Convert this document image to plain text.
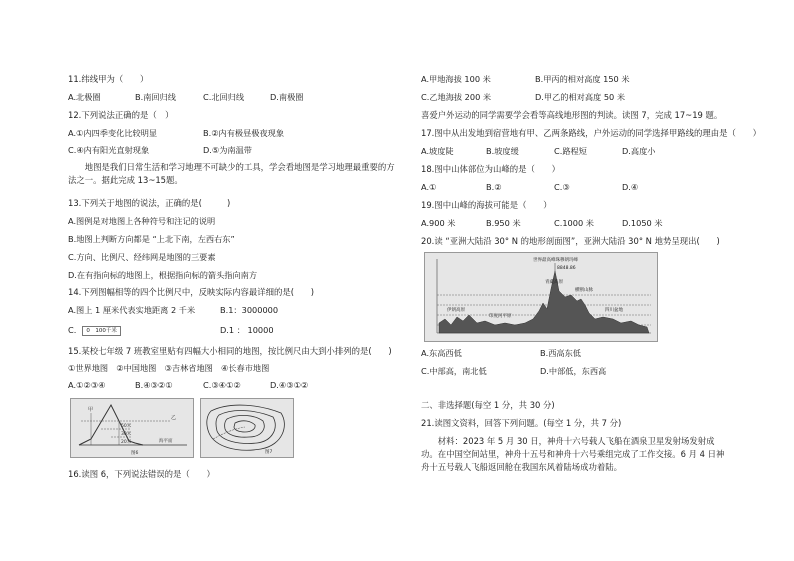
11.纬线甲为（　　）
A.北极圈	B.南回归线	C.北回归线	D.南极圈
12.下列说法正确的是（　）
A.①内四季变化比较明显	B.②内有极昼极夜现象
C.④内有阳光直射现象	D.⑤为南温带
地图是我们日常生活和学习地理不可缺少的工具，学会看地图是学习地理最重要的方法之一。据此完成 13~15题。
13.下列关于地图的说法，正确的是(　　　)
A.图例是对地图上各种符号和注记的说明
B.地图上判断方向都是 “上北下南，左西右东”
C.方向、比例尺、经纬网是地图的三要素
D.在有指向标的地图上，根据指向标的箭头指向南方
14.下列图幅相等的四个比例尺中，反映实际内容最详细的是(　　)
A.图上 1 厘米代表实地距离 2 千米	B.1：3000000
C. 0　100千米	D.1 ： 10000
15.某校七年级 7 班教室里贴有四幅大小相同的地图，按比例尺由大到小排列的是(　　)
①世界地图　②中国地图　③吉林省地图　④长春市地图
A.①②③④	B.④③②①	C.③④①②	D.④③①②
甲
乙
50米
30米
20米	海平面
图6	图7
16.读图 6，下列说法错误的是（　　）
A.甲地海拔 100 米	B.甲丙的相对高度 150 米
C.乙地海拔 200 米	D.甲乙的相对高度 50 米
喜爱户外运动的同学需要学会看等高线地形图的判读。读图 7，完成 17~19 题。
17.图中从出发地到宿营地有甲、乙两条路线，户外运动的同学选择甲路线的理由是（　　）
A.坡度陡	B.坡度缓	C.路程短	D.高度小
18.图中山体部位为山峰的是（　　）
A.①	B.②	C.③	D.④
19.图中山峰的海拔可能是（　　）
A.900 米	B.950 米	C.1000 米	D.1050 米
20.读 “亚洲大陆沿 30° N 的地形剖面图”，亚洲大陆沿 30° N 地势呈现出(　　)
世界最高峰珠穆朗玛峰
8848.86
青藏高原
横断山脉
四川盆地
伊朗高原
印度河平原
A.东高西低	B.西高东低
C.中部高，南北低	D.中部低，东西高
二、非选择题(每空 1 分，共 30 分)
21.读图文资料，回答下列问题。(每空 1 分，共 7 分)
材料：2023 年 5 月 30 日，神舟十六号载人飞船在酒泉卫星发射场发射成功。在中国空间站里，神舟十五号和神舟十六号乘组完成了工作交接。6 月 4 日神舟十五号载人飞船返回舱在我国东风着陆场成功着陆。
